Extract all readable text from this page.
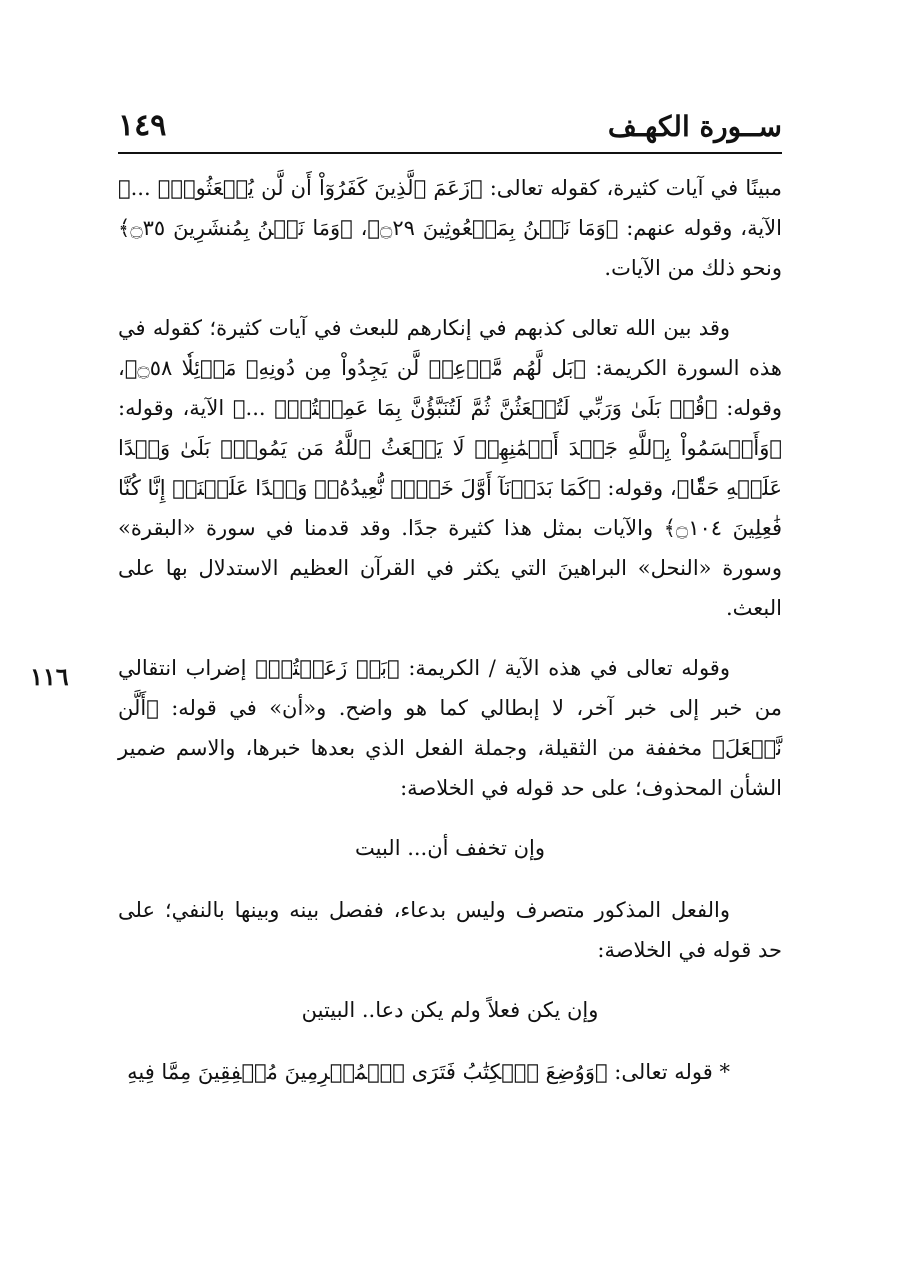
ســورة الكهـف
١٤٩
١١٦

مبينًا في آيات كثيرة، كقوله تعالى: ﴿زَعَمَ ٱلَّذِينَ كَفَرُوٓاْ أَن لَّن يُبۡعَثُواْۚ ...﴾ الآية، وقوله عنهم: ﴿وَمَا نَحۡنُ بِمَبۡعُوثِينَ ۝٢٩﴾، ﴿وَمَا نَحۡنُ بِمُنشَرِينَ ۝٣٥﴾ ونحو ذلك من الآيات.

وقد بين الله تعالى كذبهم في إنكارهم للبعث في آيات كثيرة؛ كقوله في هذه السورة الكريمة: ﴿بَل لَّهُم مَّوۡعِدٞ لَّن يَجِدُواْ مِن دُونِهِۦ مَوۡئِلٗا ۝٥٨﴾، وقوله: ﴿قُلۡ بَلَىٰ وَرَبِّي لَتُبۡعَثُنَّ ثُمَّ لَتُنَبَّؤُنَّ بِمَا عَمِلۡتُمۡۚ ...﴾ الآية، وقوله: ﴿وَأَقۡسَمُواْ بِٱللَّهِ جَهۡدَ أَيۡمَٰنِهِمۡ لَا يَبۡعَثُ ٱللَّهُ مَن يَمُوتُۚ بَلَىٰ وَعۡدًا عَلَيۡهِ حَقّٗا﴾، وقوله: ﴿كَمَا بَدَأۡنَآ أَوَّلَ خَلۡقٖ نُّعِيدُهُۥۚ وَعۡدًا عَلَيۡنَآۚ إِنَّا كُنَّا فَٰعِلِينَ ۝١٠٤﴾ والآيات بمثل هذا كثيرة جدًا. وقد قدمنا في سورة «البقرة» وسورة «النحل» البراهينَ التي يكثر في القرآن العظيم الاستدلال بها على البعث.

وقوله تعالى في هذه الآية / الكريمة: ﴿بَلۡ زَعَمۡتُمۡ﴾ إضراب انتقالي من خبر إلى خبر آخر، لا إبطالي كما هو واضح. و«أن» في قوله: ﴿أَلَّن نَّجۡعَلَ﴾ مخففة من الثقيلة، وجملة الفعل الذي بعدها خبرها، والاسم ضمير الشأن المحذوف؛ على حد قوله في الخلاصة:

وإن تخفف أن... البيت

والفعل المذكور متصرف وليس بدعاء، ففصل بينه وبينها بالنفي؛ على حد قوله في الخلاصة:

وإن يكن فعلاً ولم يكن دعا.. البيتين

* قوله تعالى: ﴿وَوُضِعَ ٱلۡكِتَٰبُ فَتَرَى ٱلۡمُجۡرِمِينَ مُشۡفِقِينَ مِمَّا فِيهِ
